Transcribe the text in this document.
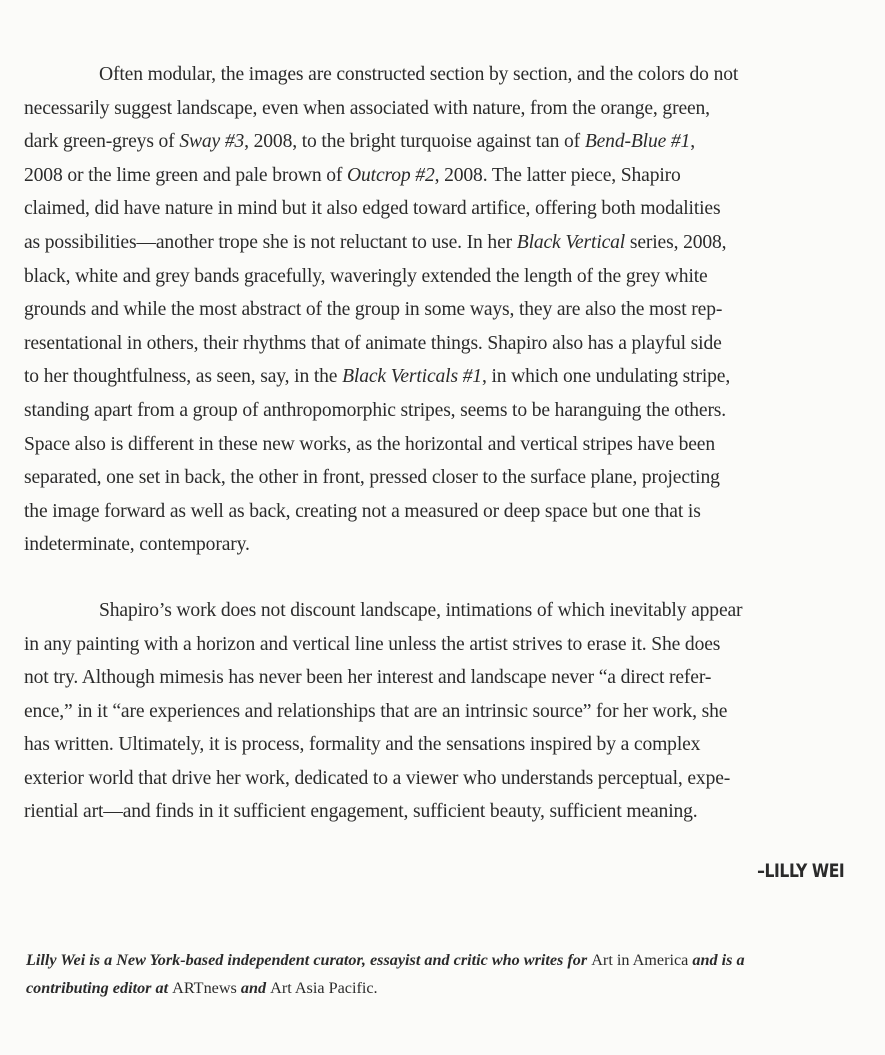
Often modular, the images are constructed section by section, and the colors do not
necessarily suggest landscape, even when associated with nature, from the orange, green,
dark green-greys of Sway #3, 2008, to the bright turquoise against tan of Bend-Blue #1,
2008 or the lime green and pale brown of Outcrop #2, 2008. The latter piece, Shapiro
claimed, did have nature in mind but it also edged toward artifice, offering both modalities
as possibilities—another trope she is not reluctant to use. In her Black Vertical series, 2008,
black, white and grey bands gracefully, waveringly extended the length of the grey white
grounds and while the most abstract of the group in some ways, they are also the most rep-
resentational in others, their rhythms that of animate things. Shapiro also has a playful side
to her thoughtfulness, as seen, say, in the Black Verticals #1, in which one undulating stripe,
standing apart from a group of anthropomorphic stripes, seems to be haranguing the others.
Space also is different in these new works, as the horizontal and vertical stripes have been
separated, one set in back, the other in front, pressed closer to the surface plane, projecting
the image forward as well as back, creating not a measured or deep space but one that is
indeterminate, contemporary.

Shapiro’s work does not discount landscape, intimations of which inevitably appear
in any painting with a horizon and vertical line unless the artist strives to erase it. She does
not try. Although mimesis has never been her interest and landscape never “a direct refer-
ence,” in it “are experiences and relationships that are an intrinsic source” for her work, she
has written. Ultimately, it is process, formality and the sensations inspired by a complex
exterior world that drive her work, dedicated to a viewer who understands perceptual, expe-
riential art—and finds in it sufficient engagement, sufficient beauty, sufficient meaning.

–LILLY WEI
Lilly Wei is a New York-based independent curator, essayist and critic who writes for Art in America and is a
contributing editor at ARTnews and Art Asia Pacific.
